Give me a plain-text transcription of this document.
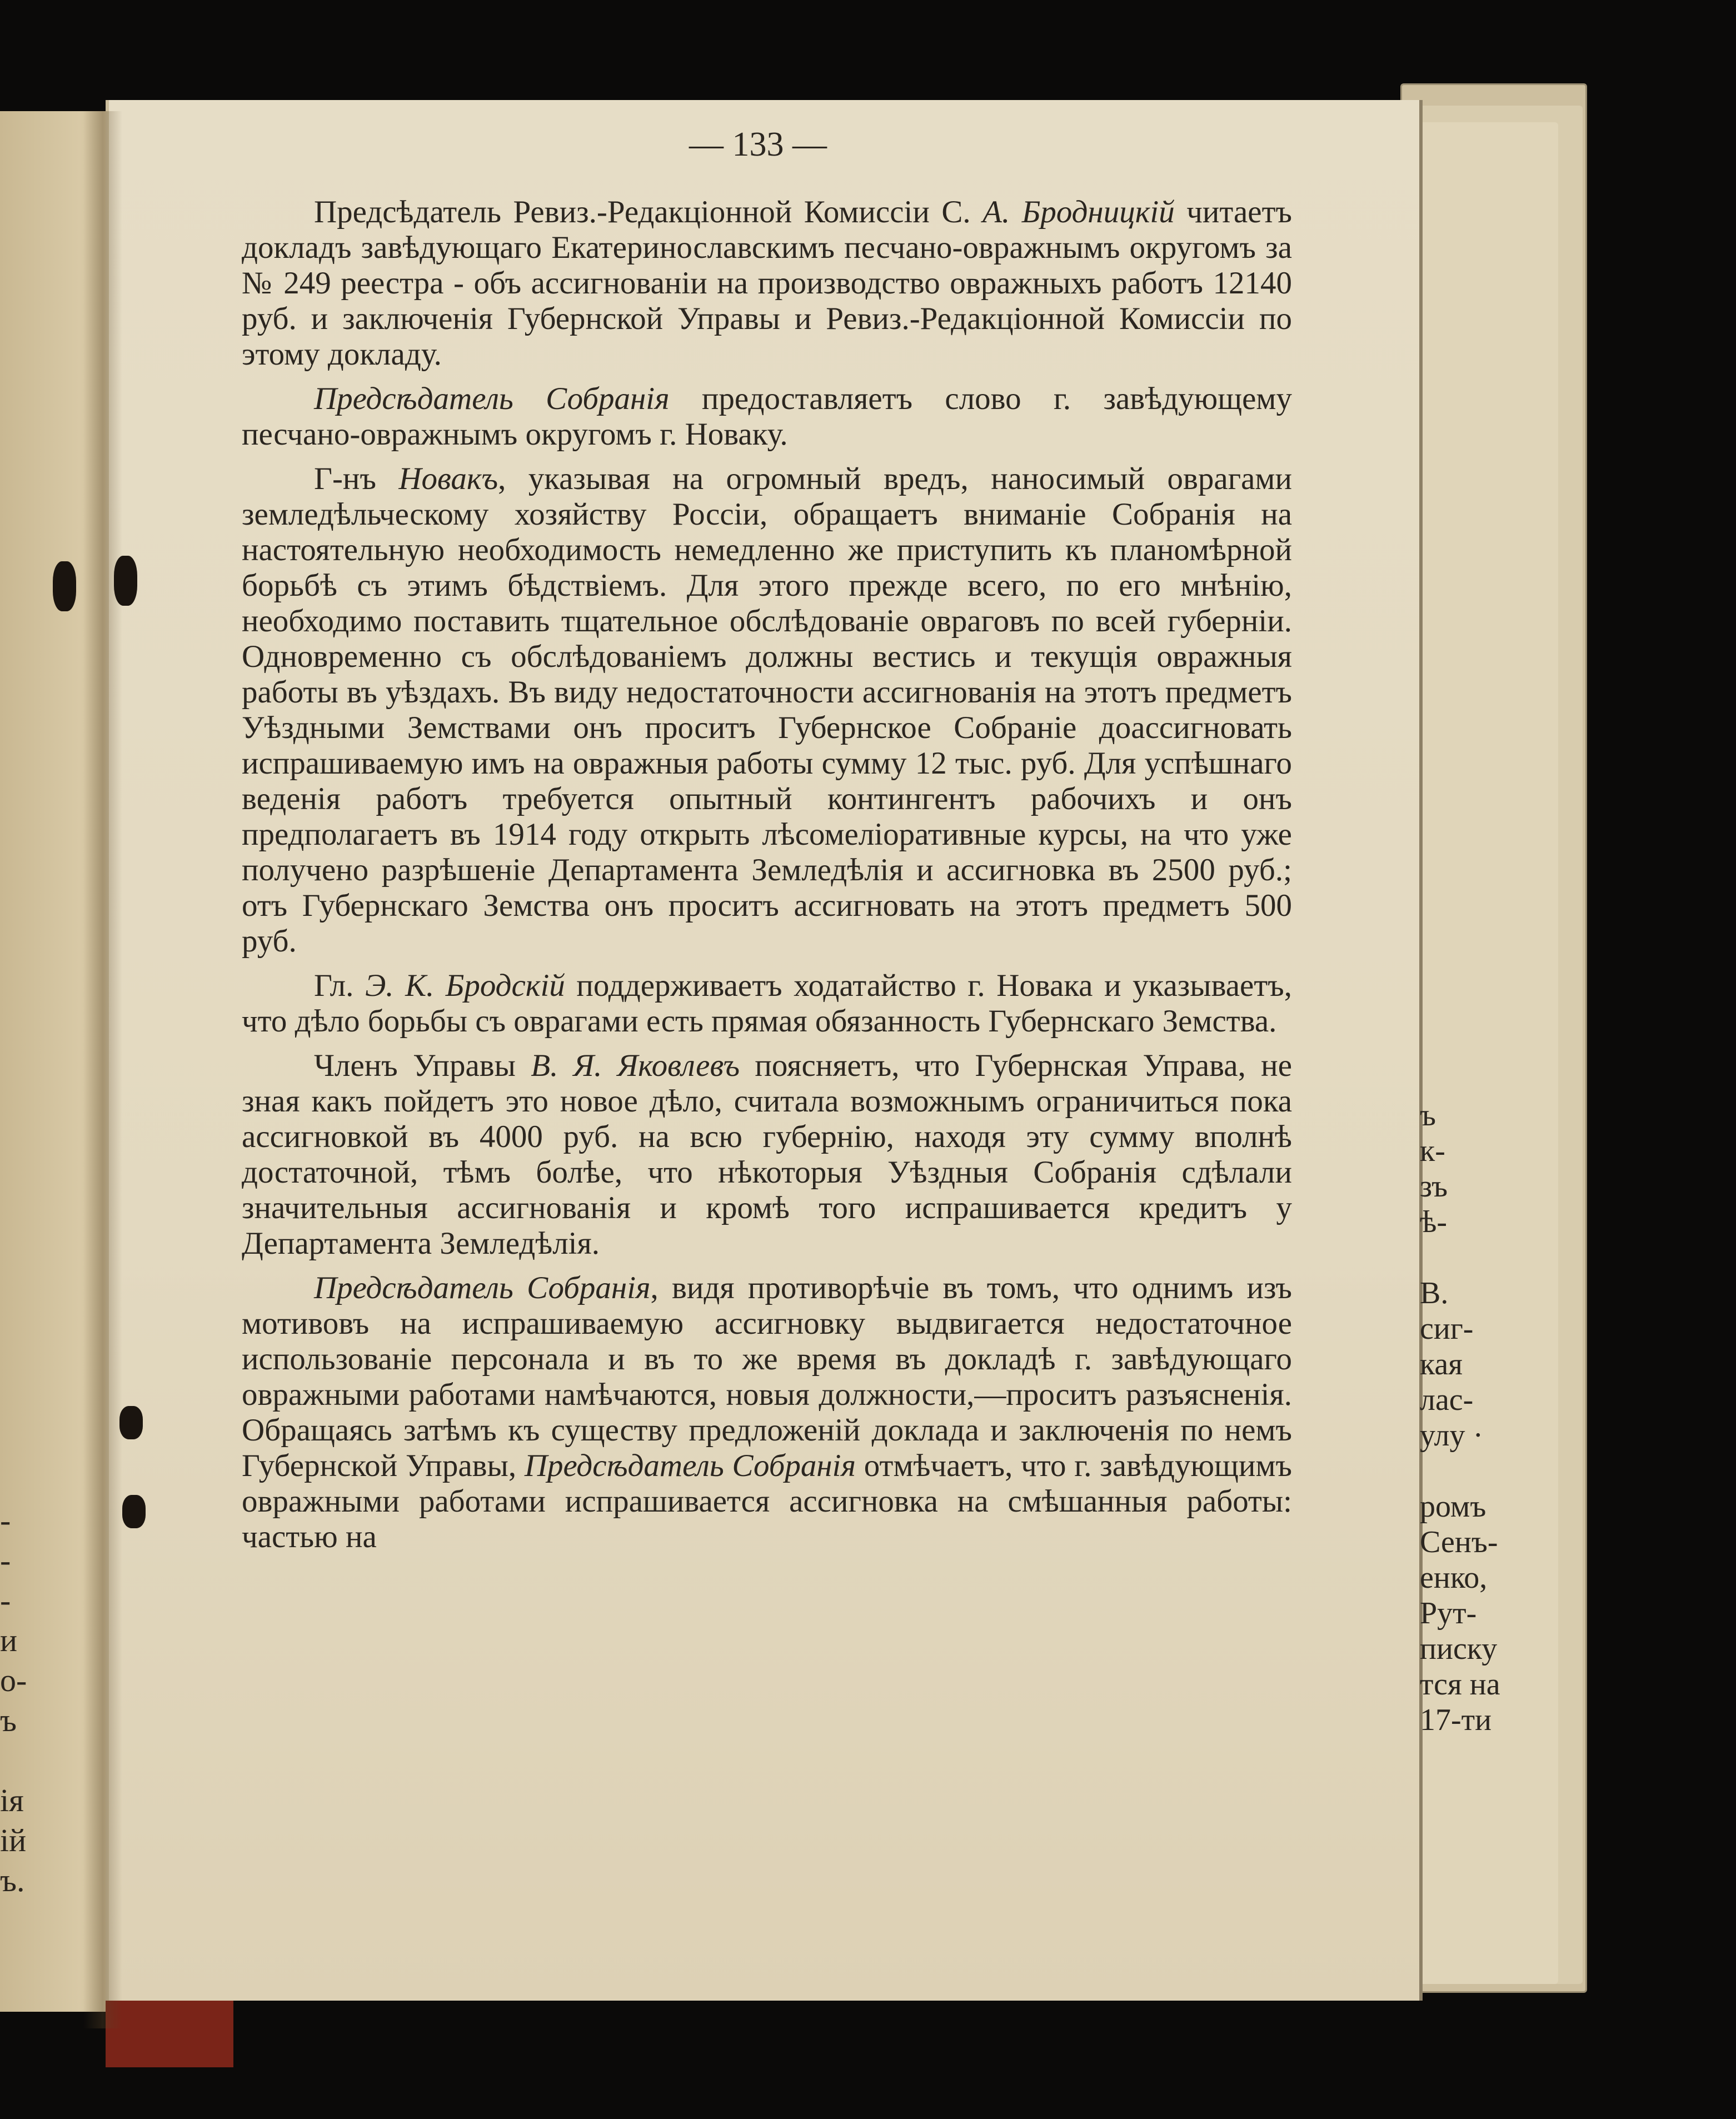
-
-
-
и
о-
ъ
ія
ій
ъ.
— 133 —

Предсѣдатель Ревиз.-Редакціонной Комиссіи С. А. Бродницкій читаетъ докладъ завѣдующаго Екатеринославскимъ песчано-овражнымъ округомъ за № 249 реестра - объ ассигнованіи на производство овражныхъ работъ 12140 руб. и заключенія Губернской Управы и Ревиз.-Редакціонной Комиссіи по этому докладу.

Предсѣдатель Собранія предоставляетъ слово г. завѣдующему песчано-овражнымъ округомъ г. Новаку.

Г-нъ Новакъ, указывая на огромный вредъ, наносимый оврагами земледѣльческому хозяйству Россіи, обращаетъ вниманіе Собранія на настоятельную необходимость немедленно же приступить къ планомѣрной борьбѣ съ этимъ бѣдствіемъ. Для этого прежде всего, по его мнѣнію, необходимо поставить тщательное обслѣдованіе овраговъ по всей губерніи. Одновременно съ обслѣдованіемъ должны вестись и текущія овражныя работы въ уѣздахъ. Въ виду недостаточности ассигнованія на этотъ предметъ Уѣздными Земствами онъ проситъ Губернское Собраніе доассигновать испрашиваемую имъ на овражныя работы сумму 12 тыс. руб. Для успѣшнаго веденія работъ требуется опытный контингентъ рабочихъ и онъ предполагаетъ въ 1914 году открыть лѣсомеліоративные курсы, на что уже получено разрѣшеніе Департамента Земледѣлія и ассигновка въ 2500 руб.; отъ Губернскаго Земства онъ проситъ ассигновать на этотъ предметъ 500 руб.

Гл. Э. К. Бродскій поддерживаетъ ходатайство г. Новака и указываетъ, что дѣло борьбы съ оврагами есть прямая обязанность Губернскаго Земства.

Членъ Управы В. Я. Яковлевъ поясняетъ, что Губернская Управа, не зная какъ пойдетъ это новое дѣло, считала возможнымъ ограничиться пока ассигновкой въ 4000 руб. на всю губернію, находя эту сумму вполнѣ достаточной, тѣмъ болѣе, что нѣкоторыя Уѣздныя Собранія сдѣлали значительныя ассигнованія и кромѣ того испрашивается кредитъ у Департамента Земледѣлія.

Предсѣдатель Собранія, видя противорѣчіе въ томъ, что однимъ изъ мотивовъ на испрашиваемую ассигновку выдвигается недостаточное использованіе персонала и въ то же время въ докладѣ г. завѣдующаго овражными работами намѣчаются, новыя должности,—проситъ разъясненія. Обращаясь затѣмъ къ существу предложеній доклада и заключенія по немъ Губернской Управы, Предсѣдатель Собранія отмѣчаетъ, что г. завѣдующимъ овражными работами испрашивается ассигновка на смѣшанныя работы: частью на

ъ
к-
зъ
ѣ-
В.
сиг-
кая
лас-
улу ·
ромъ
Сенъ-
енко,
Рут-
писку
тся на
17-ти
